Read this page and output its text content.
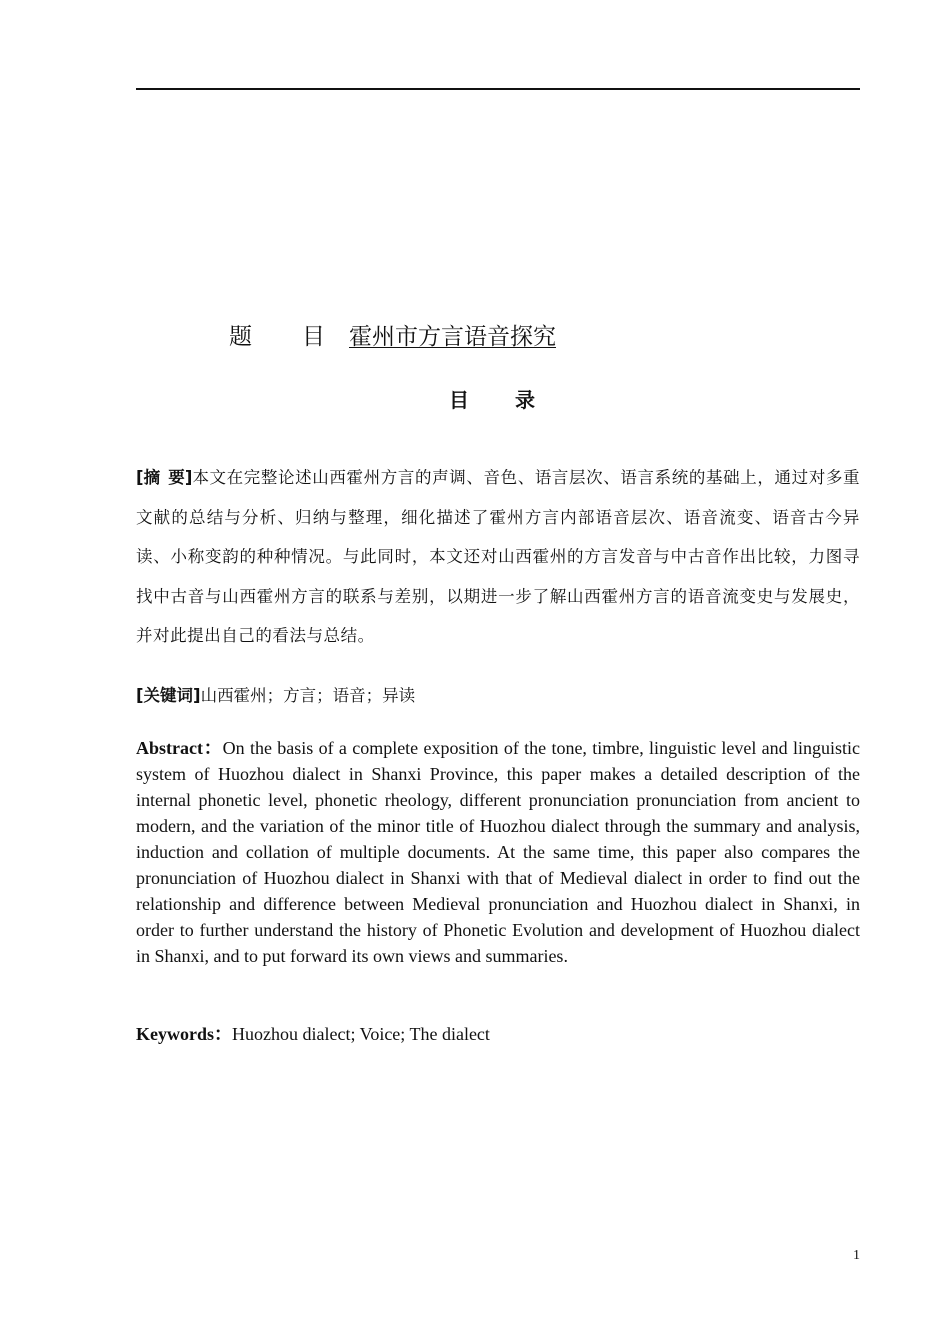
题 目	霍州市方言语音探究
目 录
[摘 要]本文在完整论述山西霍州方言的声调、音色、语言层次、语言系统的基础上，通过对多重文献的总结与分析、归纳与整理，细化描述了霍州方言内部语音层次、语音流变、语音古今异读、小称变韵的种种情况。与此同时，本文还对山西霍州的方言发音与中古音作出比较，力图寻找中古音与山西霍州方言的联系与差别，以期进一步了解山西霍州方言的语音流变史与发展史，并对此提出自己的看法与总结。
[关键词]山西霍州；方言；语音；异读
Abstract：On the basis of a complete exposition of the tone, timbre, linguistic level and linguistic system of Huozhou dialect in Shanxi Province, this paper makes a detailed description of the internal phonetic level, phonetic rheology, different pronunciation pronunciation from ancient to modern, and the variation of the minor title of Huozhou dialect through the summary and analysis, induction and collation of multiple documents. At the same time, this paper also compares the pronunciation of Huozhou dialect in Shanxi with that of Medieval dialect in order to find out the relationship and difference between Medieval pronunciation and Huozhou dialect in Shanxi, in order to further understand the history of Phonetic Evolution and development of Huozhou dialect in Shanxi, and to put forward its own views and summaries.
Keywords：Huozhou dialect; Voice; The dialect
1
